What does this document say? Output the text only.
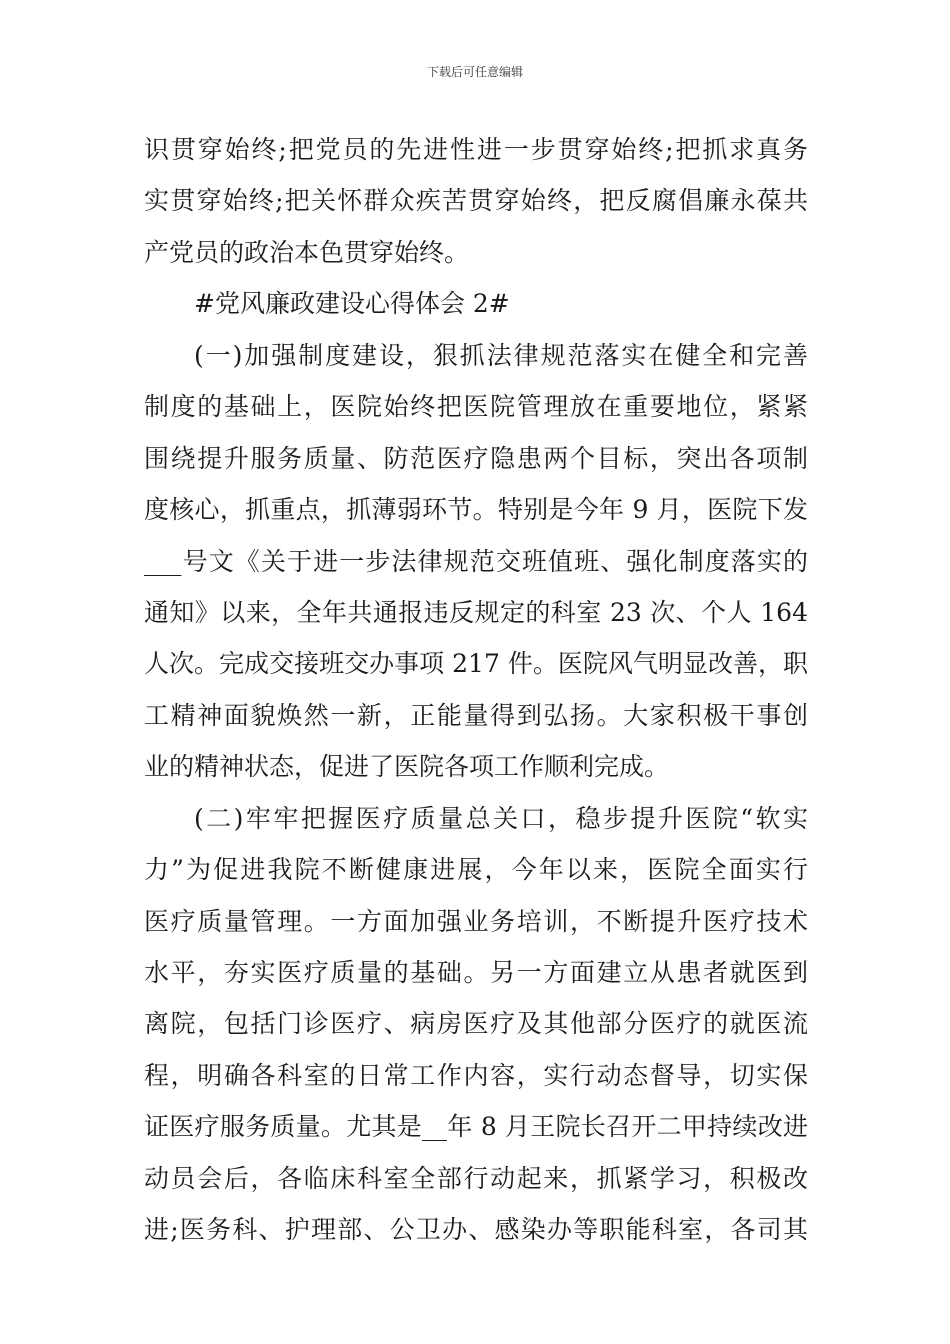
下载后可任意编辑
识贯穿始终;把党员的先进性进一步贯穿始终;把抓求真务
实贯穿始终;把关怀群众疾苦贯穿始终，把反腐倡廉永葆共
产党员的政治本色贯穿始终。
#党风廉政建设心得体会 2#
(一)加强制度建设，狠抓法律规范落实在健全和完善
制度的基础上，医院始终把医院管理放在重要地位，紧紧
围绕提升服务质量、防范医疗隐患两个目标，突出各项制
度核心，抓重点，抓薄弱环节。特别是今年 9 月，医院下发
___号文《关于进一步法律规范交班值班、强化制度落实的
通知》以来，全年共通报违反规定的科室 23 次、个人 164
人次。完成交接班交办事项 217 件。医院风气明显改善，职
工精神面貌焕然一新，正能量得到弘扬。大家积极干事创
业的精神状态，促进了医院各项工作顺利完成。
(二)牢牢把握医疗质量总关口，稳步提升医院“软实
力”为促进我院不断健康进展，今年以来，医院全面实行
医疗质量管理。一方面加强业务培训，不断提升医疗技术
水平，夯实医疗质量的基础。另一方面建立从患者就医到
离院，包括门诊医疗、病房医疗及其他部分医疗的就医流
程，明确各科室的日常工作内容，实行动态督导，切实保
证医疗服务质量。尤其是__年 8 月王院长召开二甲持续改进
动员会后，各临床科室全部行动起来，抓紧学习，积极改
进;医务科、护理部、公卫办、感染办等职能科室，各司其
